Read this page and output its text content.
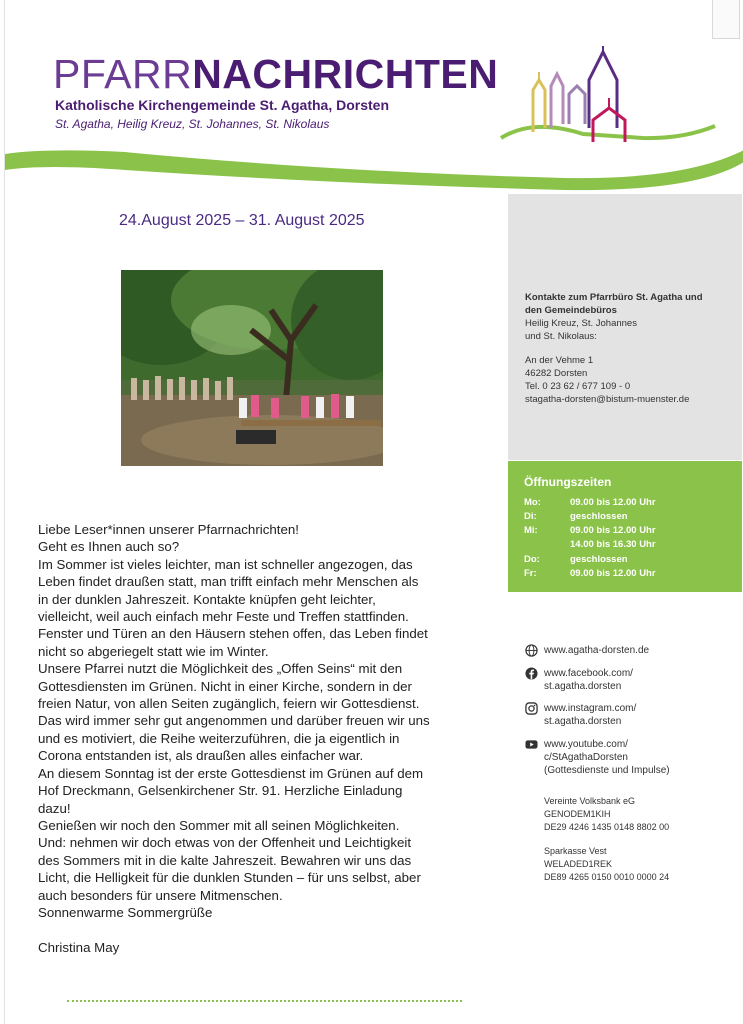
PFARRNACHRICHTEN
Katholische Kirchengemeinde St. Agatha, Dorsten
St. Agatha, Heilig Kreuz, St. Johannes, St. Nikolaus
24.August 2025 – 31. August 2025
Kontakte zum Pfarrbüro St. Agatha und
den Gemeindebüros
Heilig Kreuz, St. Johannes
und St. Nikolaus:
An der Vehme 1
46282 Dorsten
Tel. 0 23 62 / 677 109 - 0
stagatha-dorsten@bistum-muenster.de
Öffnungszeiten
Mo:	09.00 bis 12.00 Uhr
Di:	geschlossen
Mi:	09.00 bis 12.00 Uhr
14.00 bis 16.30 Uhr
Do:	geschlossen
Fr:	09.00 bis 12.00 Uhr
www.agatha-dorsten.de
www.facebook.com/
st.agatha.dorsten
www.instagram.com/
st.agatha.dorsten
www.youtube.com/
c/StAgathaDorsten
(Gottesdienste und Impulse)
Vereinte Volksbank eG
GENODEM1KIH
DE29 4246 1435 0148 8802 00
Sparkasse Vest
WELADED1REK
DE89 4265 0150 0010 0000 24

Liebe Leser*innen unserer Pfarrnachrichten!

Geht es Ihnen auch so?

Im Sommer ist vieles leichter, man ist schneller angezogen, das

Leben findet draußen statt, man trifft einfach mehr Menschen als

in der dunklen Jahreszeit. Kontakte knüpfen geht leichter,

vielleicht, weil auch einfach mehr Feste und Treffen stattfinden.

Fenster und Türen an den Häusern stehen offen, das Leben findet

nicht so abgeriegelt statt wie im Winter.

Unsere Pfarrei nutzt die Möglichkeit des „Offen Seins“ mit den

Gottesdiensten im Grünen. Nicht in einer Kirche, sondern in der

freien Natur, von allen Seiten zugänglich, feiern wir Gottesdienst.

Das wird immer sehr gut angenommen und darüber freuen wir uns

und es motiviert, die Reihe weiterzuführen, die ja eigentlich in

Corona entstanden ist, als draußen alles einfacher war.

An diesem Sonntag ist der erste Gottesdienst im Grünen auf dem

Hof Dreckmann, Gelsenkirchener Str. 91. Herzliche Einladung

dazu!

Genießen wir noch den Sommer mit all seinen Möglichkeiten.

Und: nehmen wir doch etwas von der Offenheit und Leichtigkeit

des Sommers mit in die kalte Jahreszeit. Bewahren wir uns das

Licht, die Helligkeit für die dunklen Stunden – für uns selbst, aber

auch besonders für unsere Mitmenschen.

Sonnenwarme Sommergrüße

Christina May
